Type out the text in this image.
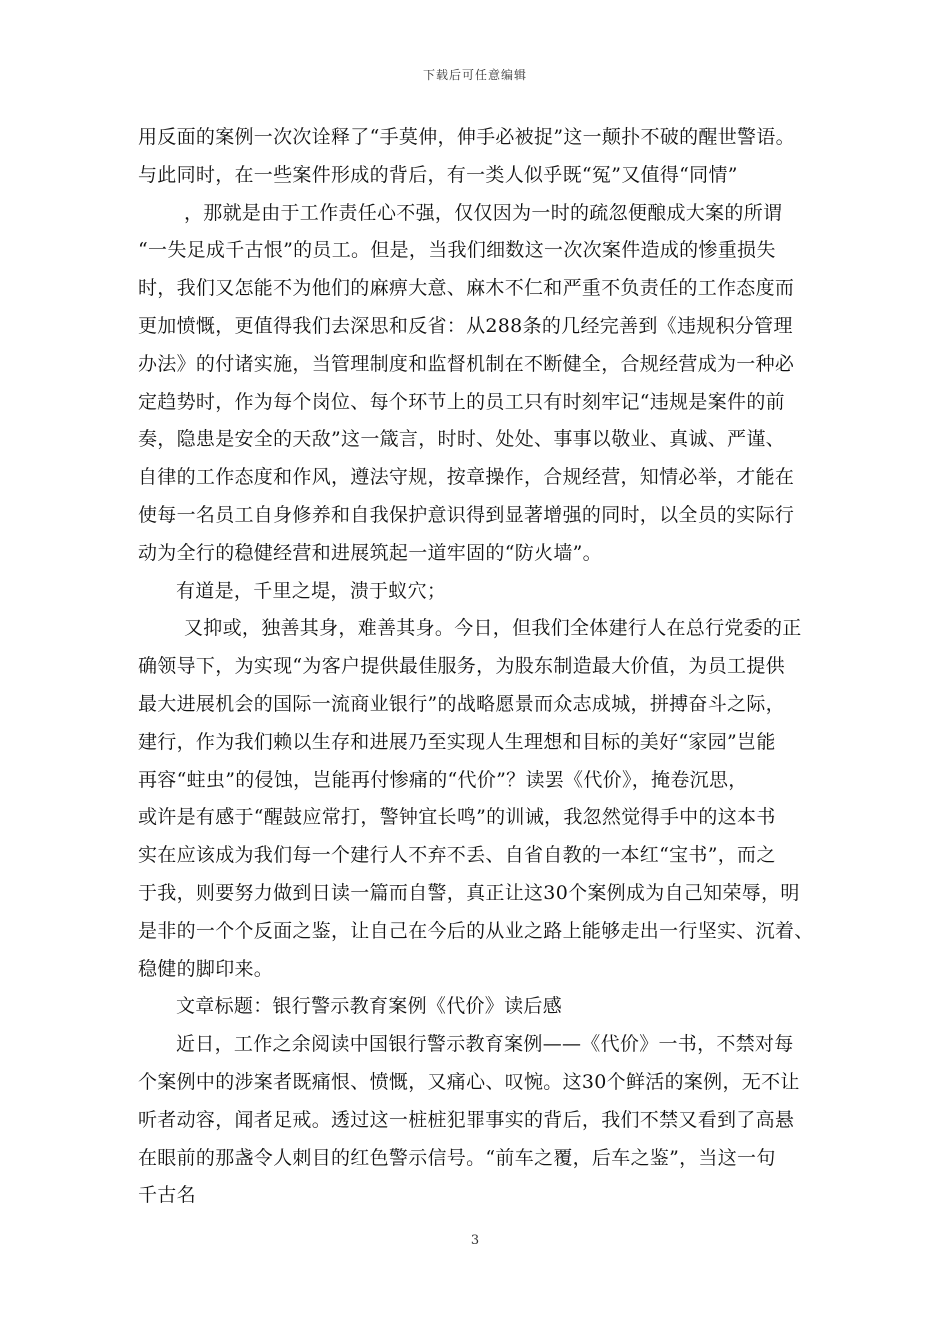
下载后可任意编辑
用反面的案例一次次诠释了“手莫伸，伸手必被捉”这一颠扑不破的醒世警语。
与此同时，在一些案件形成的背后，有一类人似乎既“冤”又值得“同情”
，那就是由于工作责任心不强，仅仅因为一时的疏忽便酿成大案的所谓
“一失足成千古恨”的员工。但是，当我们细数这一次次案件造成的惨重损失
时，我们又怎能不为他们的麻痹大意、麻木不仁和严重不负责任的工作态度而
更加愤慨，更值得我们去深思和反省：从288条的几经完善到《违规积分管理
办法》的付诸实施，当管理制度和监督机制在不断健全，合规经营成为一种必
定趋势时，作为每个岗位、每个环节上的员工只有时刻牢记“违规是案件的前
奏，隐患是安全的天敌”这一箴言，时时、处处、事事以敬业、真诚、严谨、
自律的工作态度和作风，遵法守规，按章操作，合规经营，知情必举，才能在
使每一名员工自身修养和自我保护意识得到显著增强的同时，以全员的实际行
动为全行的稳健经营和进展筑起一道牢固的“防火墙”。
有道是，千里之堤，溃于蚁穴；
又抑或，独善其身，难善其身。今日，但我们全体建行人在总行党委的正
确领导下，为实现“为客户提供最佳服务，为股东制造最大价值，为员工提供
最大进展机会的国际一流商业银行”的战略愿景而众志成城，拼搏奋斗之际，
建行，作为我们赖以生存和进展乃至实现人生理想和目标的美好“家园”岂能
再容“蛀虫”的侵蚀，岂能再付惨痛的“代价”？读罢《代价》，掩卷沉思，
或许是有感于“醒鼓应常打，警钟宜长鸣”的训诫，我忽然觉得手中的这本书
实在应该成为我们每一个建行人不弃不丢、自省自教的一本红“宝书”，而之
于我，则要努力做到日读一篇而自警，真正让这30个案例成为自己知荣辱，明
是非的一个个反面之鉴，让自己在今后的从业之路上能够走出一行坚实、沉着、
稳健的脚印来。
文章标题：银行警示教育案例《代价》读后感
近日，工作之余阅读中国银行警示教育案例——《代价》一书，不禁对每
个案例中的涉案者既痛恨、愤慨，又痛心、叹惋。这30个鲜活的案例，无不让
听者动容，闻者足戒。透过这一桩桩犯罪事实的背后，我们不禁又看到了高悬
在眼前的那盏令人刺目的红色警示信号。“前车之覆，后车之鉴”，当这一句
千古名
3
